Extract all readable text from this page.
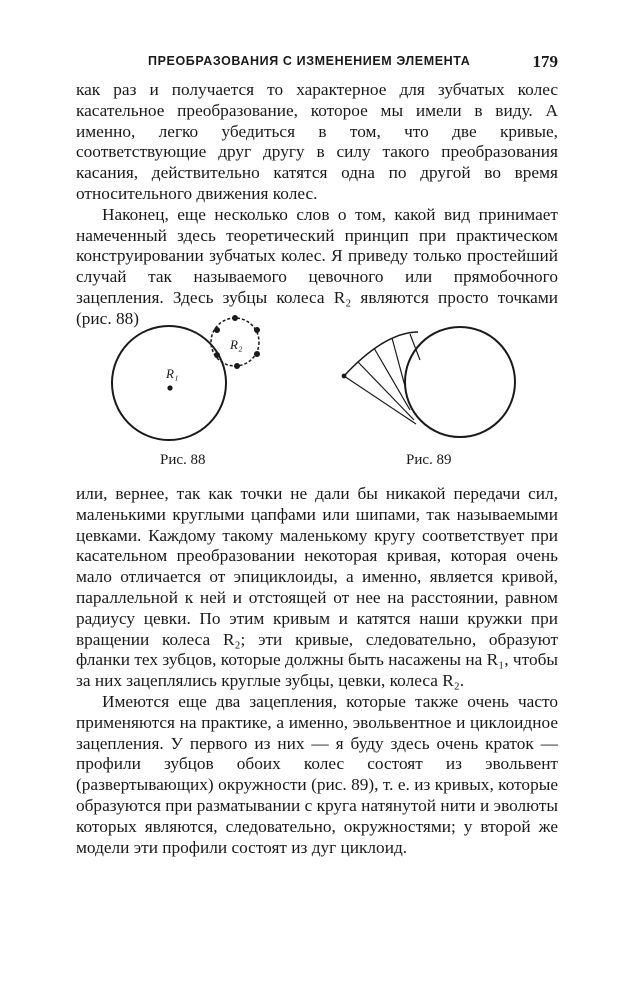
ПРЕОБРАЗОВАНИЯ С ИЗМЕНЕНИЕМ ЭЛЕМЕНТА	179

как раз и получается то характерное для зубчатых колес касательное преобразование, которое мы имели в виду. А именно, легко убедиться в том, что две кривые, соответствующие друг другу в силу такого преобразования касания, действительно катятся одна по другой во время относительного движения колес.

Наконец, еще несколько слов о том, какой вид принимает намеченный здесь теоретический принцип при практическом конструировании зубчатых колес. Я приведу только простейший случай так называемого цевочного или прямобочного зацепления. Здесь зубцы колеса R₂ являются просто точками (рис. 88)

R₁
R₂
Рис. 88	Рис. 89

или, вернее, так как точки не дали бы никакой передачи сил, маленькими круглыми цапфами или шипами, так называемыми цевками. Каждому такому маленькому кругу соответствует при касательном преобразовании некоторая кривая, которая очень мало отличается от эпициклоиды, а именно, является кривой, параллельной к ней и отстоящей от нее на расстоянии, равном радиусу цевки. По этим кривым и катятся наши кружки при вращении колеса R₂; эти кривые, следовательно, образуют фланки тех зубцов, которые должны быть насажены на R₁, чтобы за них зацеплялись круглые зубцы, цевки, колеса R₂.

Имеются еще два зацепления, которые также очень часто применяются на практике, а именно, эвольвентное и циклоидное зацепления. У первого из них — я буду здесь очень краток — профили зубцов обоих колес состоят из эвольвент (развертывающих) окружности (рис. 89), т. е. из кривых, которые образуются при разматывании с круга натянутой нити и эволюты которых являются, следовательно, окружностями; у второй же модели эти профили состоят из дуг циклоид.
